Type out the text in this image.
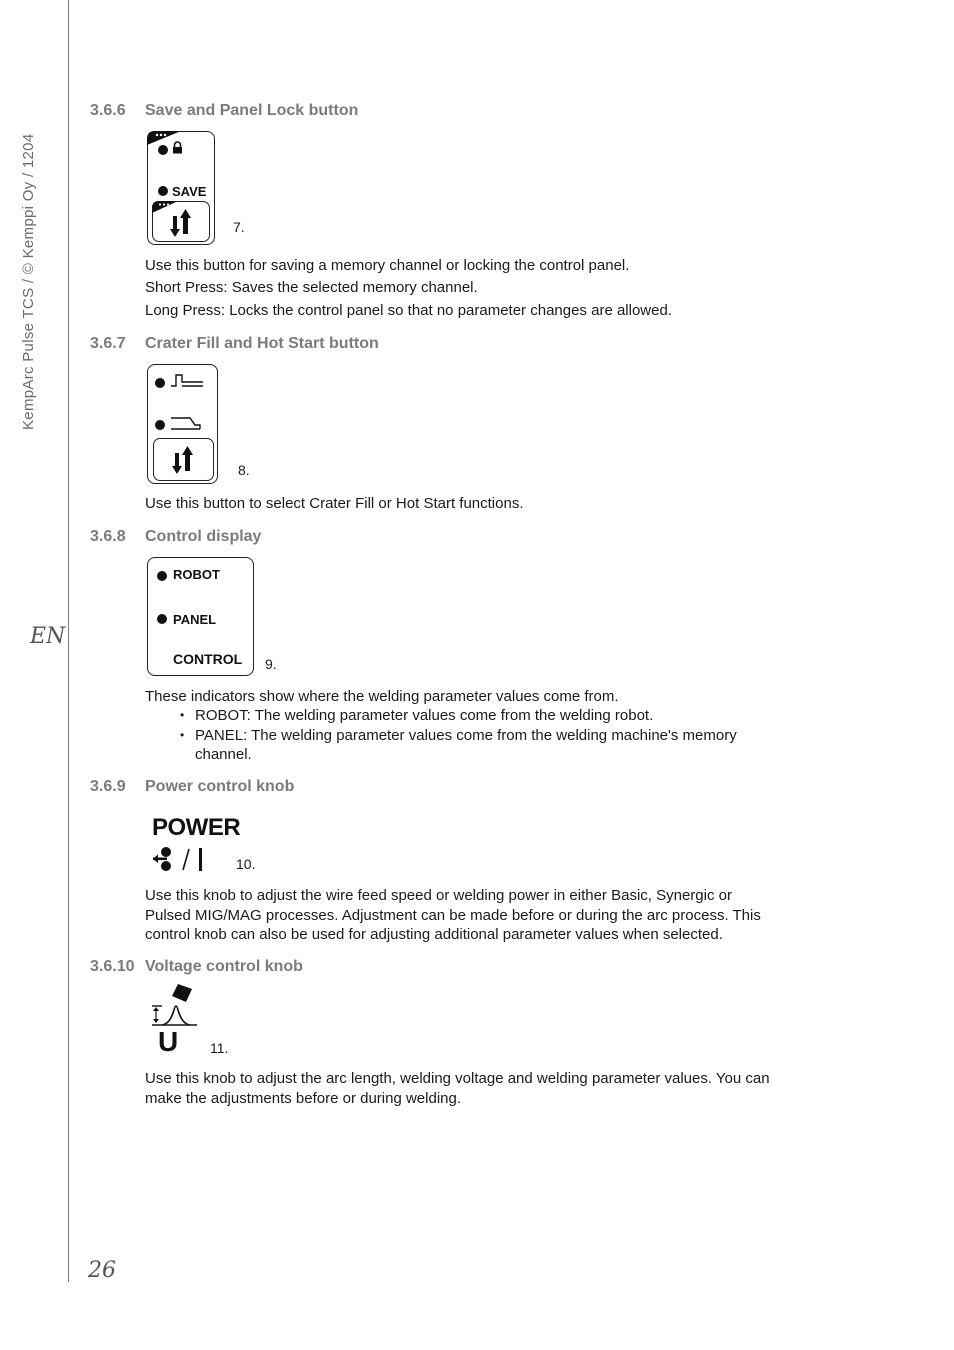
KempArc Pulse TCS / © Kemppi Oy / 1204
EN
26
3.6.6 Save and Panel Lock button
SAVE
7.
Use this button for saving a memory channel or locking the control panel.
Short Press: Saves the selected memory channel.
Long Press: Locks the control panel so that no parameter changes are allowed.
3.6.7 Crater Fill and Hot Start button
8.
Use this button to select Crater Fill or Hot Start functions.
3.6.8 Control display
ROBOT
PANEL
CONTROL 9.
These indicators show where the welding parameter values come from.
• ROBOT: The welding parameter values come from the welding robot.
• PANEL: The welding parameter values come from the welding machine's memory
channel.
3.6.9 Power control knob
POWER
10.
Use this knob to adjust the wire feed speed or welding power in either Basic, Synergic or
Pulsed MIG/MAG processes. Adjustment can be made before or during the arc process. This
control knob can also be used for adjusting additional parameter values when selected.
3.6.10 Voltage control knob
U 11.
Use this knob to adjust the arc length, welding voltage and welding parameter values. You can
make the adjustments before or during welding.
